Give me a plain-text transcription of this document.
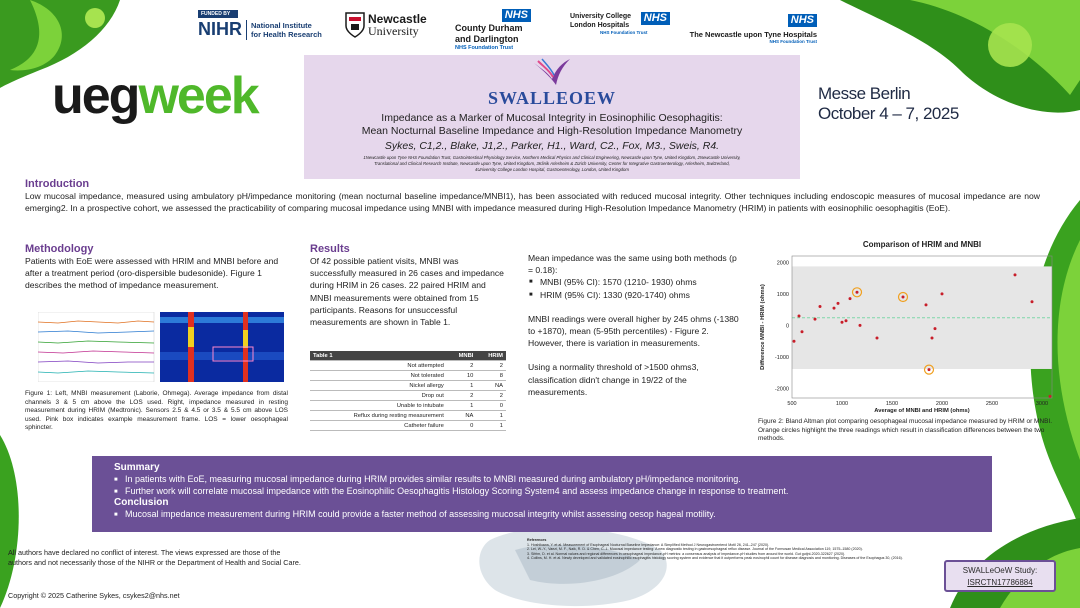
FUNDED BY
NIHR National Institute
for Health Research
Newcastle
University
NHS
County Durham
and Darlington
NHS Foundation Trust
University College
London Hospitals
NHS
NHS Foundation Trust
NHS
The Newcastle upon Tyne Hospitals
NHS Foundation Trust
uegweek	Messe Berlin
October 4 – 7, 2025
SWALLEOEW
Impedance as a Marker of Mucosal Integrity in Eosinophilic Oesophagitis:
Mean Nocturnal Baseline Impedance and High-Resolution Impedance Manometry
Sykes, C1,2., Blake, J1,2., Parker, H1., Ward, C2., Fox, M3., Sweis, R4.
1Newcastle upon Tyne NHS Foundation Trust, Gastrointestinal Physiology Service, Northern Medical Physics and Clinical Engineering, Newcastle upon Tyne, United Kingdom, 2Newcastle University,
Translational and Clinical Research Institute, Newcastle upon Tyne, United Kingdom, 3Klinik Arlesheim & Zürich University, Center for Integrative Gastroenterology, Arlesheim, Switzerland,
4University College London Hospital, Gastroenterology, London, United Kingdom
Introduction

Low mucosal impedance, measured using ambulatory pH/impedance monitoring (mean nocturnal baseline impedance/MNBI1), has been associated with reduced mucosal integrity. Other techniques including endoscopic measures of mucosal impedance are now emerging2. In a prospective cohort, we assessed the practicability of comparing mucosal impedance using MNBI with impedance measured during High-Resolution Impedance Manometry (HRIM) in patients with eosinophilic oesophagitis (EoE).

Methodology

Patients with EoE were assessed with HRIM and MNBI before and after a treatment period (oro-dispersible budesonide). Figure 1 describes the method of impedance measurement.

Figure 1: Left, MNBI measurement (Laborie, Ohmega). Average impedance from distal channels 3 & 5 cm above the LOS used. Right, impedance measured in resting measurement during HRIM (Medtronic). Sensors 2.5 & 4.5 or 3.5 & 5.5 cm above LOS used. Pink box indicates example measurement frame. LOS = lower oesophageal sphincter.

Results

Of 42 possible patient visits, MNBI was successfully measured in 26 cases and impedance during HRIM in 26 cases. 22 paired HRIM and MNBI measurements were obtained from 15 participants. Reasons for unsuccessful measurements are shown in Table 1.

Table 1	MNBI	HRIM
Not attempted	2	2
Not tolerated	10	8
Nickel allergy	1	NA
Drop out	2	2
Unable to intubate	1	0
Reflux during resting measurement	NA	1
Catheter failure	0	1

Mean impedance was the same using both methods (p = 0.18):

■ MNBI (95% CI): 1570 (1210- 1930) ohms
■ HRIM (95% CI): 1330 (920-1740) ohms

MNBI readings were overall higher by 245 ohms (-1380 to +1870), mean (5-95th percentiles) - Figure 2. However, there is variation in measurements.

Using a normality threshold of >1500 ohms3, classification didn't change in 19/22 of the measurements.

Comparison of HRIM and MNBI
2000
1000
0
-1000
-2000
500	1000	1500	2000	2500	3000
Average of MNBI and HRIM (ohms)
Difference MNBI - HRIM (ohms)

Figure 2: Bland Altman plot comparing oesophageal mucosal impedance measured by HRIM or MNBI. Orange circles highlight the three readings which result in classification differences between the two methods.

Summary
■ In patients with EoE, measuring mucosal impedance during HRIM provides similar results to MNBI measured during ambulatory pH/impedance monitoring.
■ Further work will correlate mucosal impedance with the Eosinophilic Oesophagitis Histology Scoring System4 and assess impedance change in response to treatment.
Conclusion
■ Mucosal impedance measurement during HRIM could provide a faster method of assessing mucosal integrity whilst assessing oesop hageal motility.

All authors have declared no conflict of interest. The views expressed are those of the authors and not necessarily those of the NIHR or the Department of Health and Social Care.

Copyright © 2025 Catherine Sykes, csykes2@nhs.net

References
1. Hoshikawa, Y. et al. Measurement of Esophageal Nocturnal Baseline Impedance: A Simplified Method J Neurogastroenterol Motil 26, 241–247 (2020).
2. Lei, W.-Y., Vaezi, M. F., Naik, R. D. & Chen, C.-L. Mucosal impedance testing: A new diagnostic testing in gastroesophageal reflux disease. Journal of the Formosan Medical Association 119, 1575–1580 (2020).
3. Sifrim, D. et al. Normal values and regional differences in oesophageal impedance-pH metrics: a consensus analysis of impedance-pH studies from around the world. Gut gutjnl-2020-322627 (2020).
4. Collins, M. H. et al. Newly developed and validated eosinophilic esophagitis histology scoring system and evidence that it outperforms peak eosinophil count for disease diagnosis and monitoring. Diseases of the Esophagus 30, (2016).
SWALLeOeW Study:
ISRCTN17786884
